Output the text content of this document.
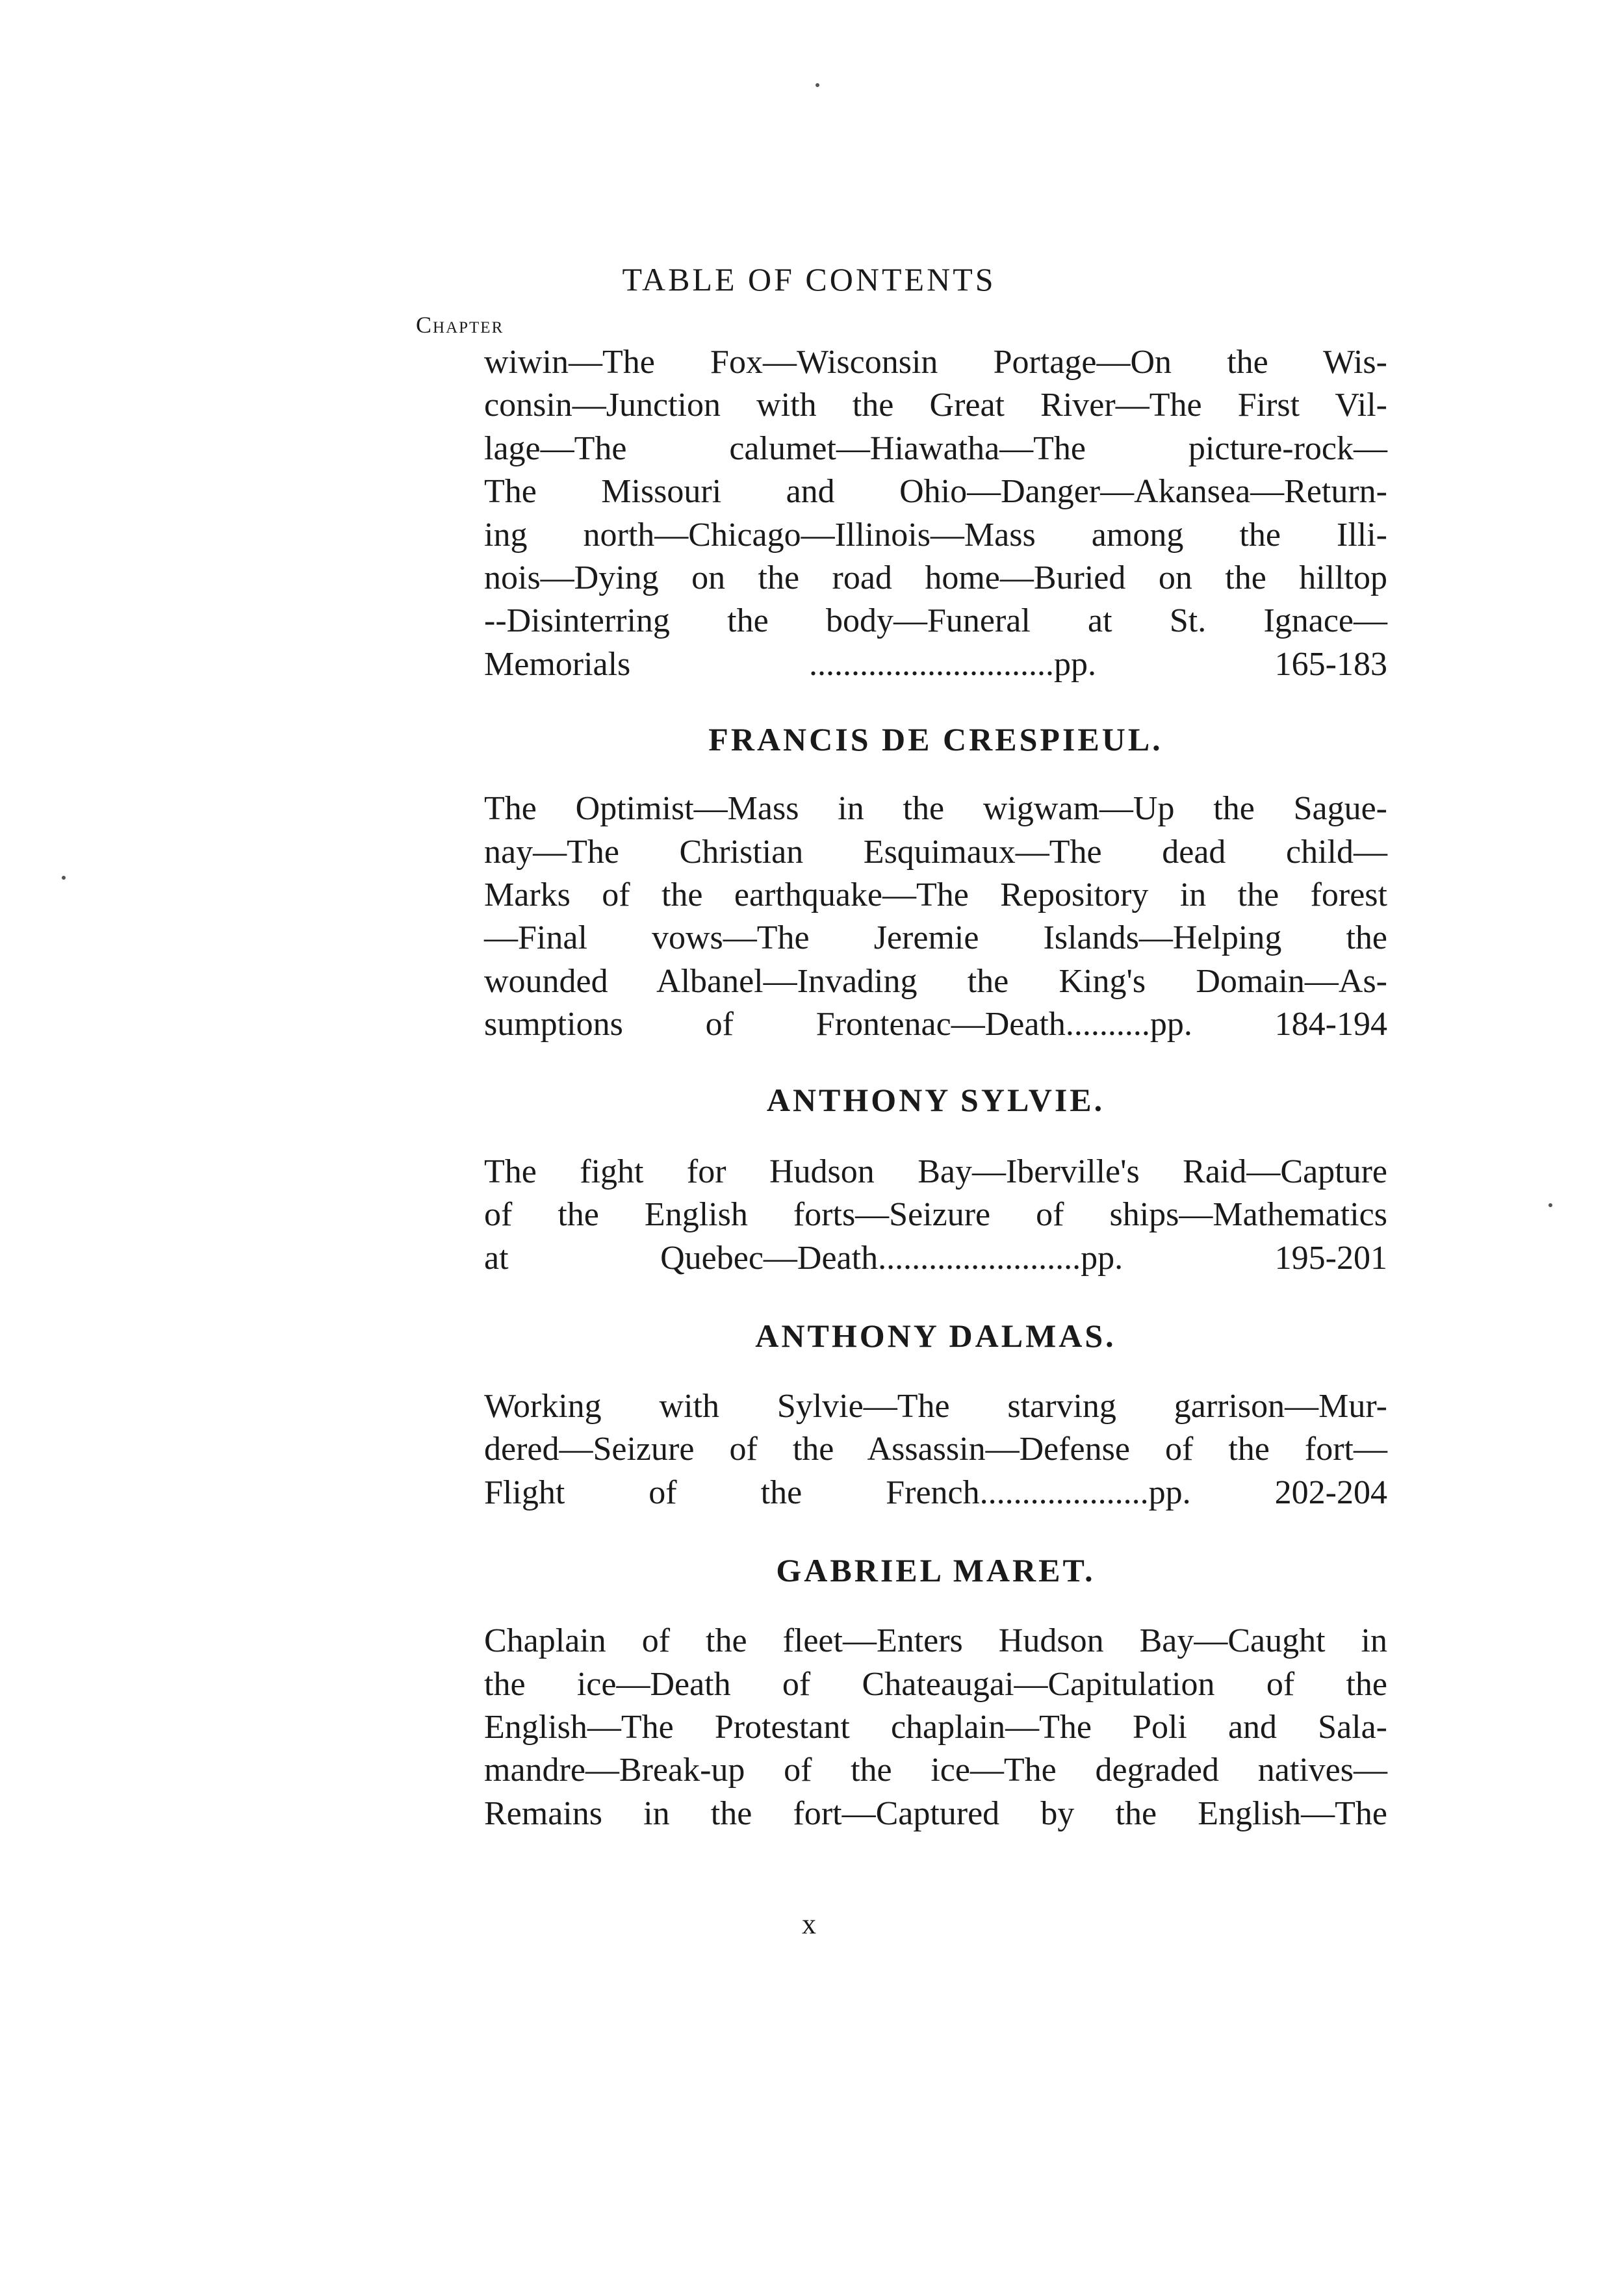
TABLE OF CONTENTS
Chapter

wiwin—The Fox—Wisconsin Portage—On the Wis-

consin—Junction with the Great River—The First Vil-

lage—The calumet—Hiawatha—The picture-rock—

The Missouri and Ohio—Danger—Akansea—Return-

ing north—Chicago—Illinois—Mass among the Illi-

nois—Dying on the road home—Buried on the hilltop

--Disinterring the body—Funeral at St. Ignace—

Memorials .............................pp. 165-183

FRANCIS DE CRESPIEUL.

The Optimist—Mass in the wigwam—Up the Sague-

nay—The Christian Esquimaux—The dead child—

Marks of the earthquake—The Repository in the forest

—Final vows—The Jeremie Islands—Helping the

wounded Albanel—Invading the King's Domain—As-

sumptions of Frontenac—Death..........pp. 184-194

ANTHONY SYLVIE.

The fight for Hudson Bay—Iberville's Raid—Capture

of the English forts—Seizure of ships—Mathematics

at Quebec—Death........................pp. 195-201

ANTHONY DALMAS.

Working with Sylvie—The starving garrison—Mur-

dered—Seizure of the Assassin—Defense of the fort—

Flight of the French....................pp. 202-204

GABRIEL MARET.

Chaplain of the fleet—Enters Hudson Bay—Caught in

the ice—Death of Chateaugai—Capitulation of the

English—The Protestant chaplain—The Poli and Sala-

mandre—Break-up of the ice—The degraded natives—

Remains in the fort—Captured by the English—The

x
